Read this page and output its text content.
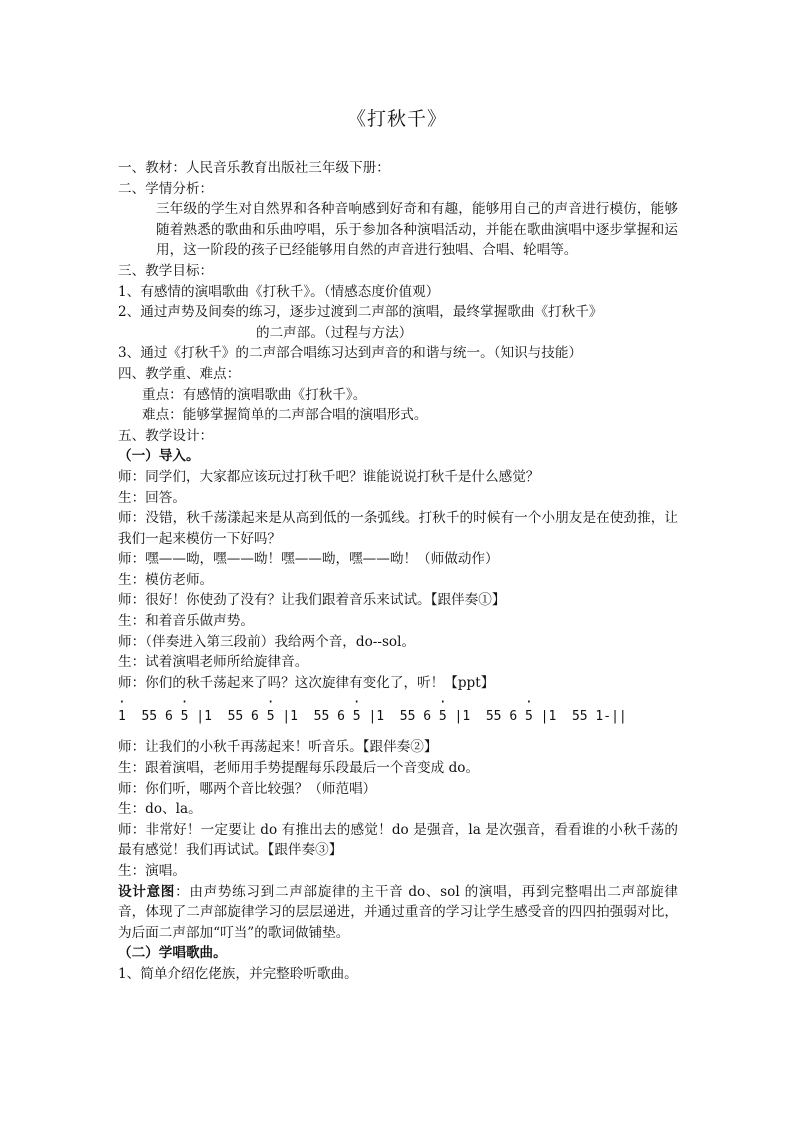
《打秋千》

一、教材：人民音乐教育出版社三年级下册：

二、学情分析：

三年级的学生对自然界和各种音响感到好奇和有趣，能够用自己的声音进行模仿，能够随着熟悉的歌曲和乐曲哼唱，乐于参加各种演唱活动，并能在歌曲演唱中逐步掌握和运用，这一阶段的孩子已经能够用自然的声音进行独唱、合唱、轮唱等。

三、教学目标：

1、有感情的演唱歌曲《打秋千》。（情感态度价值观）

2、通过声势及间奏的练习，逐步过渡到二声部的演唱，最终掌握歌曲《打秋千》

的二声部。（过程与方法）

3、通过《打秋千》的二声部合唱练习达到声音的和谐与统一。（知识与技能）

四、教学重、难点：

重点：有感情的演唱歌曲《打秋千》。

难点：能够掌握简单的二声部合唱的演唱形式。

五、教学设计：

（一）导入。

师：同学们，大家都应该玩过打秋千吧？谁能说说打秋千是什么感觉？

生：回答。

师：没错，秋千荡漾起来是从高到低的一条弧线。打秋千的时候有一个小朋友是在使劲推，让我们一起来模仿一下好吗？

师：嘿——呦，嘿——呦！嘿——呦，嘿——呦！（师做动作）

生：模仿老师。

师：很好！你使劲了没有？让我们跟着音乐来试试。【跟伴奏①】

生：和着音乐做声势。

师：（伴奏进入第三段前）我给两个音，do--sol。

生：试着演唱老师所给旋律音。

师：你们的秋千荡起来了吗？这次旋律有变化了，听！【ppt】

·       ·          ·          ·          ·          ·
1  55 6 5 |1  55 6 5 |1  55 6 5 |1  55 6 5 |1  55 6 5 |1  55 1-||

师：让我们的小秋千再荡起来！听音乐。【跟伴奏②】

生：跟着演唱，老师用手势提醒每乐段最后一个音变成 do。

师：你们听，哪两个音比较强？（师范唱）

生：do、la。

师：非常好！一定要让 do 有推出去的感觉！do 是强音，la 是次强音，看看谁的小秋千荡的最有感觉！我们再试试。【跟伴奏③】

生：演唱。

设计意图：由声势练习到二声部旋律的主干音 do、sol 的演唱，再到完整唱出二声部旋律音，体现了二声部旋律学习的层层递进，并通过重音的学习让学生感受音的四四拍强弱对比，为后面二声部加“叮当”的歌词做铺垫。

（二）学唱歌曲。

1、简单介绍仡佬族，并完整聆听歌曲。
